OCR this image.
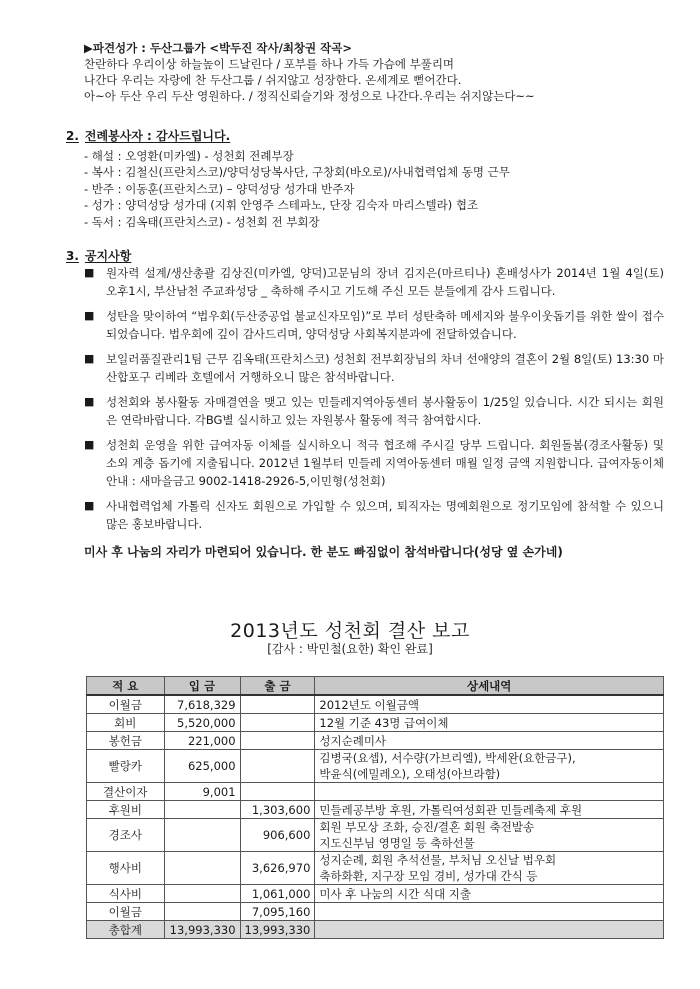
▶파견성가 : 두산그룹가 <박두진 작사/최창권 작곡>
찬란하다 우리이상 하늘높이 드날린다 / 포부를 하나 가득 가슴에 부풀리며
나간다 우리는 자랑에 찬 두산그룹 / 쉬지않고 성장한다. 온세계로 뻗어간다.
아~아 두산 우리 두산 영원하다. / 정직신뢰슬기와 정성으로 나간다.우리는 쉬지않는다~~
2. 전례봉사자 : 감사드립니다.
- 해설 : 오영환(미카엘) - 성천회 전례부장
- 복사 : 김철신(프란치스코)/양덕성당복사단, 구창회(바오로)/사내협력업체 동명 근무
- 반주 : 이동훈(프란치스코) – 양덕성당 성가대 반주자
- 성가 : 양덕성당 성가대 (지휘 안영주 스테파노, 단장 김숙자 마리스텔라) 협조
- 독서 : 김옥태(프란치스코) - 성천회 전 부회장
3. 공지사항
■ 원자력 설계/생산총괄 김상진(미카엘, 양덕)고문님의 장녀 김지은(마르티나) 혼배성사가 2014년 1월 4일(토) 오후1시, 부산남천 주교좌성당 _ 축하해 주시고 기도해 주신 모든 분들에게 감사 드립니다.
■ 성탄을 맞이하여 “법우회(두산중공업 불교신자모임)”로 부터 성탄축하 메세지와 불우이웃돕기를 위한 쌀이 접수되었습니다. 법우회에 깊이 감사드리며, 양덕성당 사회복지분과에 전달하였습니다.
■ 보일러품질관리1팀 근무 김옥태(프란치스코) 성천회 전부회장님의 차녀 선애양의 결혼이 2월 8일(토) 13:30 마산합포구 리베라 호텔에서 거행하오니 많은 참석바랍니다.
■ 성천회와 봉사활동 자매결연을 맺고 있는 민들레지역아동센터 봉사활동이 1/25일 있습니다. 시간 되시는 회원은 연락바랍니다. 각BG별 실시하고 있는 자원봉사 활동에 적극 참여합시다.
■ 성천회 운영을 위한 급여자동 이체를 실시하오니 적극 협조해 주시길 당부 드립니다. 회원돌봄(경조사활동) 및 소외 계층 돕기에 지출됩니다. 2012년 1월부터 민들레 지역아동센터 매월 일정 금액 지원합니다. 급여자동이체안내 : 새마을금고 9002-1418-2926-5,이민형(성천회)
■ 사내협력업체 가톨릭 신자도 회원으로 가입할 수 있으며, 퇴직자는 명예회원으로 정기모임에 참석할 수 있으니 많은 홍보바랍니다.
미사 후 나눔의 자리가 마련되어 있습니다. 한 분도 빠짐없이 참석바랍니다(성당 옆 손가네)
2013년도 성천회 결산 보고
[감사 : 박민철(요한) 확인 완료]
적 요	입 금	출 금	상세내역
이월금	7,618,329		2012년도 이월금액
회비	5,520,000		12월 기준 43명 급여이체
봉헌금	221,000		성지순례미사
빨랑카	625,000		김병국(요셉), 서수량(가브리엘), 박세완(요한금구),
박윤식(에밀레오), 오태성(아브라함)

결산이자	9,001		
후원비		1,303,600	민들레공부방 후원, 가톨릭여성회관 민들레축제 후원
경조사		906,600	회원 부모상 조화, 승진/결혼 회원 축전발송
지도신부님 영명일 등 축하선물

행사비		3,626,970	성지순례, 회원 추석선물, 부처님 오신날 법우회
축하화환, 지구장 모임 경비, 성가대 간식 등

식사비		1,061,000	미사 후 나눔의 시간 식대 지출
이월금		7,095,160	
총합계	13,993,330	13,993,330	
